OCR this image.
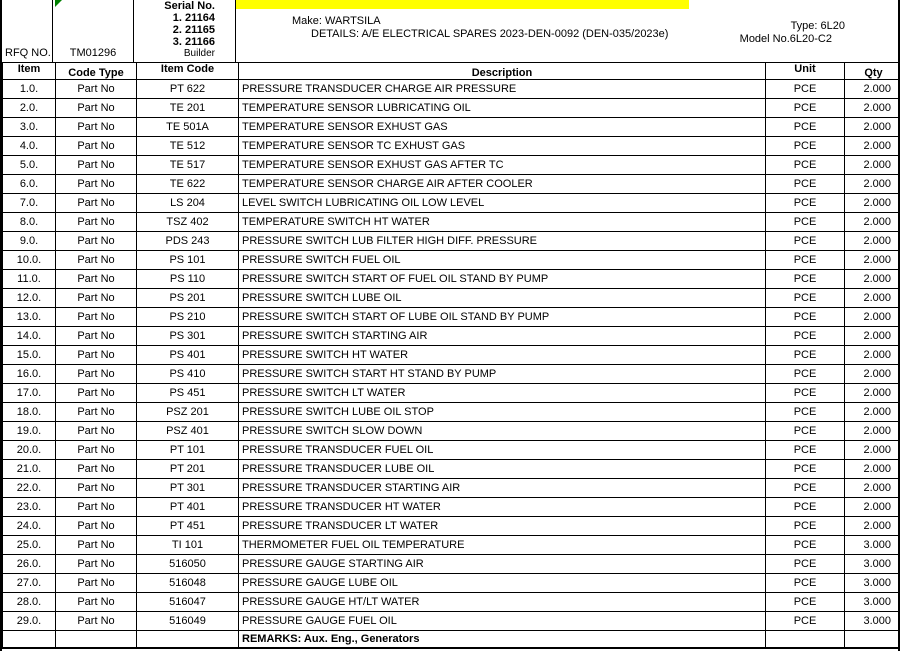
RFQ NO. TM01296
Serial No.
1. 21164
2. 21165
3. 21166
Builder
Make: WARTSILA
DETAILS: A/E ELECTRICAL SPARES 2023-DEN-0092 (DEN-035/2023e)
Type: 6L20
Model No.6L20-C2
Item	Code Type	Item Code	Description	Unit	Qty
1.0.	Part No	PT 622	PRESSURE TRANSDUCER CHARGE AIR PRESSURE	PCE	2.000
2.0.	Part No	TE 201	TEMPERATURE SENSOR LUBRICATING OIL	PCE	2.000
3.0.	Part No	TE 501A	TEMPERATURE SENSOR EXHUST GAS	PCE	2.000
4.0.	Part No	TE 512	TEMPERATURE SENSOR TC EXHUST GAS	PCE	2.000
5.0.	Part No	TE 517	TEMPERATURE SENSOR EXHUST GAS AFTER TC	PCE	2.000
6.0.	Part No	TE 622	TEMPERATURE SENSOR CHARGE AIR AFTER COOLER	PCE	2.000
7.0.	Part No	LS 204	LEVEL SWITCH LUBRICATING OIL LOW LEVEL	PCE	2.000
8.0.	Part No	TSZ 402	TEMPERATURE SWITCH HT WATER	PCE	2.000
9.0.	Part No	PDS 243	PRESSURE SWITCH LUB FILTER HIGH DIFF. PRESSURE	PCE	2.000
10.0.	Part No	PS 101	PRESSURE SWITCH FUEL OIL	PCE	2.000
11.0.	Part No	PS 110	PRESSURE SWITCH START OF FUEL OIL STAND BY PUMP	PCE	2.000
12.0.	Part No	PS 201	PRESSURE SWITCH LUBE OIL	PCE	2.000
13.0.	Part No	PS 210	PRESSURE SWITCH START OF LUBE OIL STAND BY PUMP	PCE	2.000
14.0.	Part No	PS 301	PRESSURE SWITCH STARTING AIR	PCE	2.000
15.0.	Part No	PS 401	PRESSURE SWITCH HT WATER	PCE	2.000
16.0.	Part No	PS 410	PRESSURE SWITCH START HT STAND BY PUMP	PCE	2.000
17.0.	Part No	PS 451	PRESSURE SWITCH LT WATER	PCE	2.000
18.0.	Part No	PSZ 201	PRESSURE SWITCH LUBE OIL STOP	PCE	2.000
19.0.	Part No	PSZ 401	PRESSURE SWITCH SLOW DOWN	PCE	2.000
20.0.	Part No	PT 101	PRESSURE TRANSDUCER FUEL OIL	PCE	2.000
21.0.	Part No	PT 201	PRESSURE TRANSDUCER LUBE OIL	PCE	2.000
22.0.	Part No	PT 301	PRESSURE TRANSDUCER STARTING AIR	PCE	2.000
23.0.	Part No	PT 401	PRESSURE TRANSDUCER HT WATER	PCE	2.000
24.0.	Part No	PT 451	PRESSURE TRANSDUCER LT WATER	PCE	2.000
25.0.	Part No	TI 101	THERMOMETER FUEL OIL TEMPERATURE	PCE	3.000
26.0.	Part No	516050	PRESSURE GAUGE STARTING AIR	PCE	3.000
27.0.	Part No	516048	PRESSURE GAUGE LUBE OIL	PCE	3.000
28.0.	Part No	516047	PRESSURE GAUGE HT/LT WATER	PCE	3.000
29.0.	Part No	516049	PRESSURE GAUGE FUEL OIL	PCE	3.000
			REMARKS: Aux. Eng., Generators		
